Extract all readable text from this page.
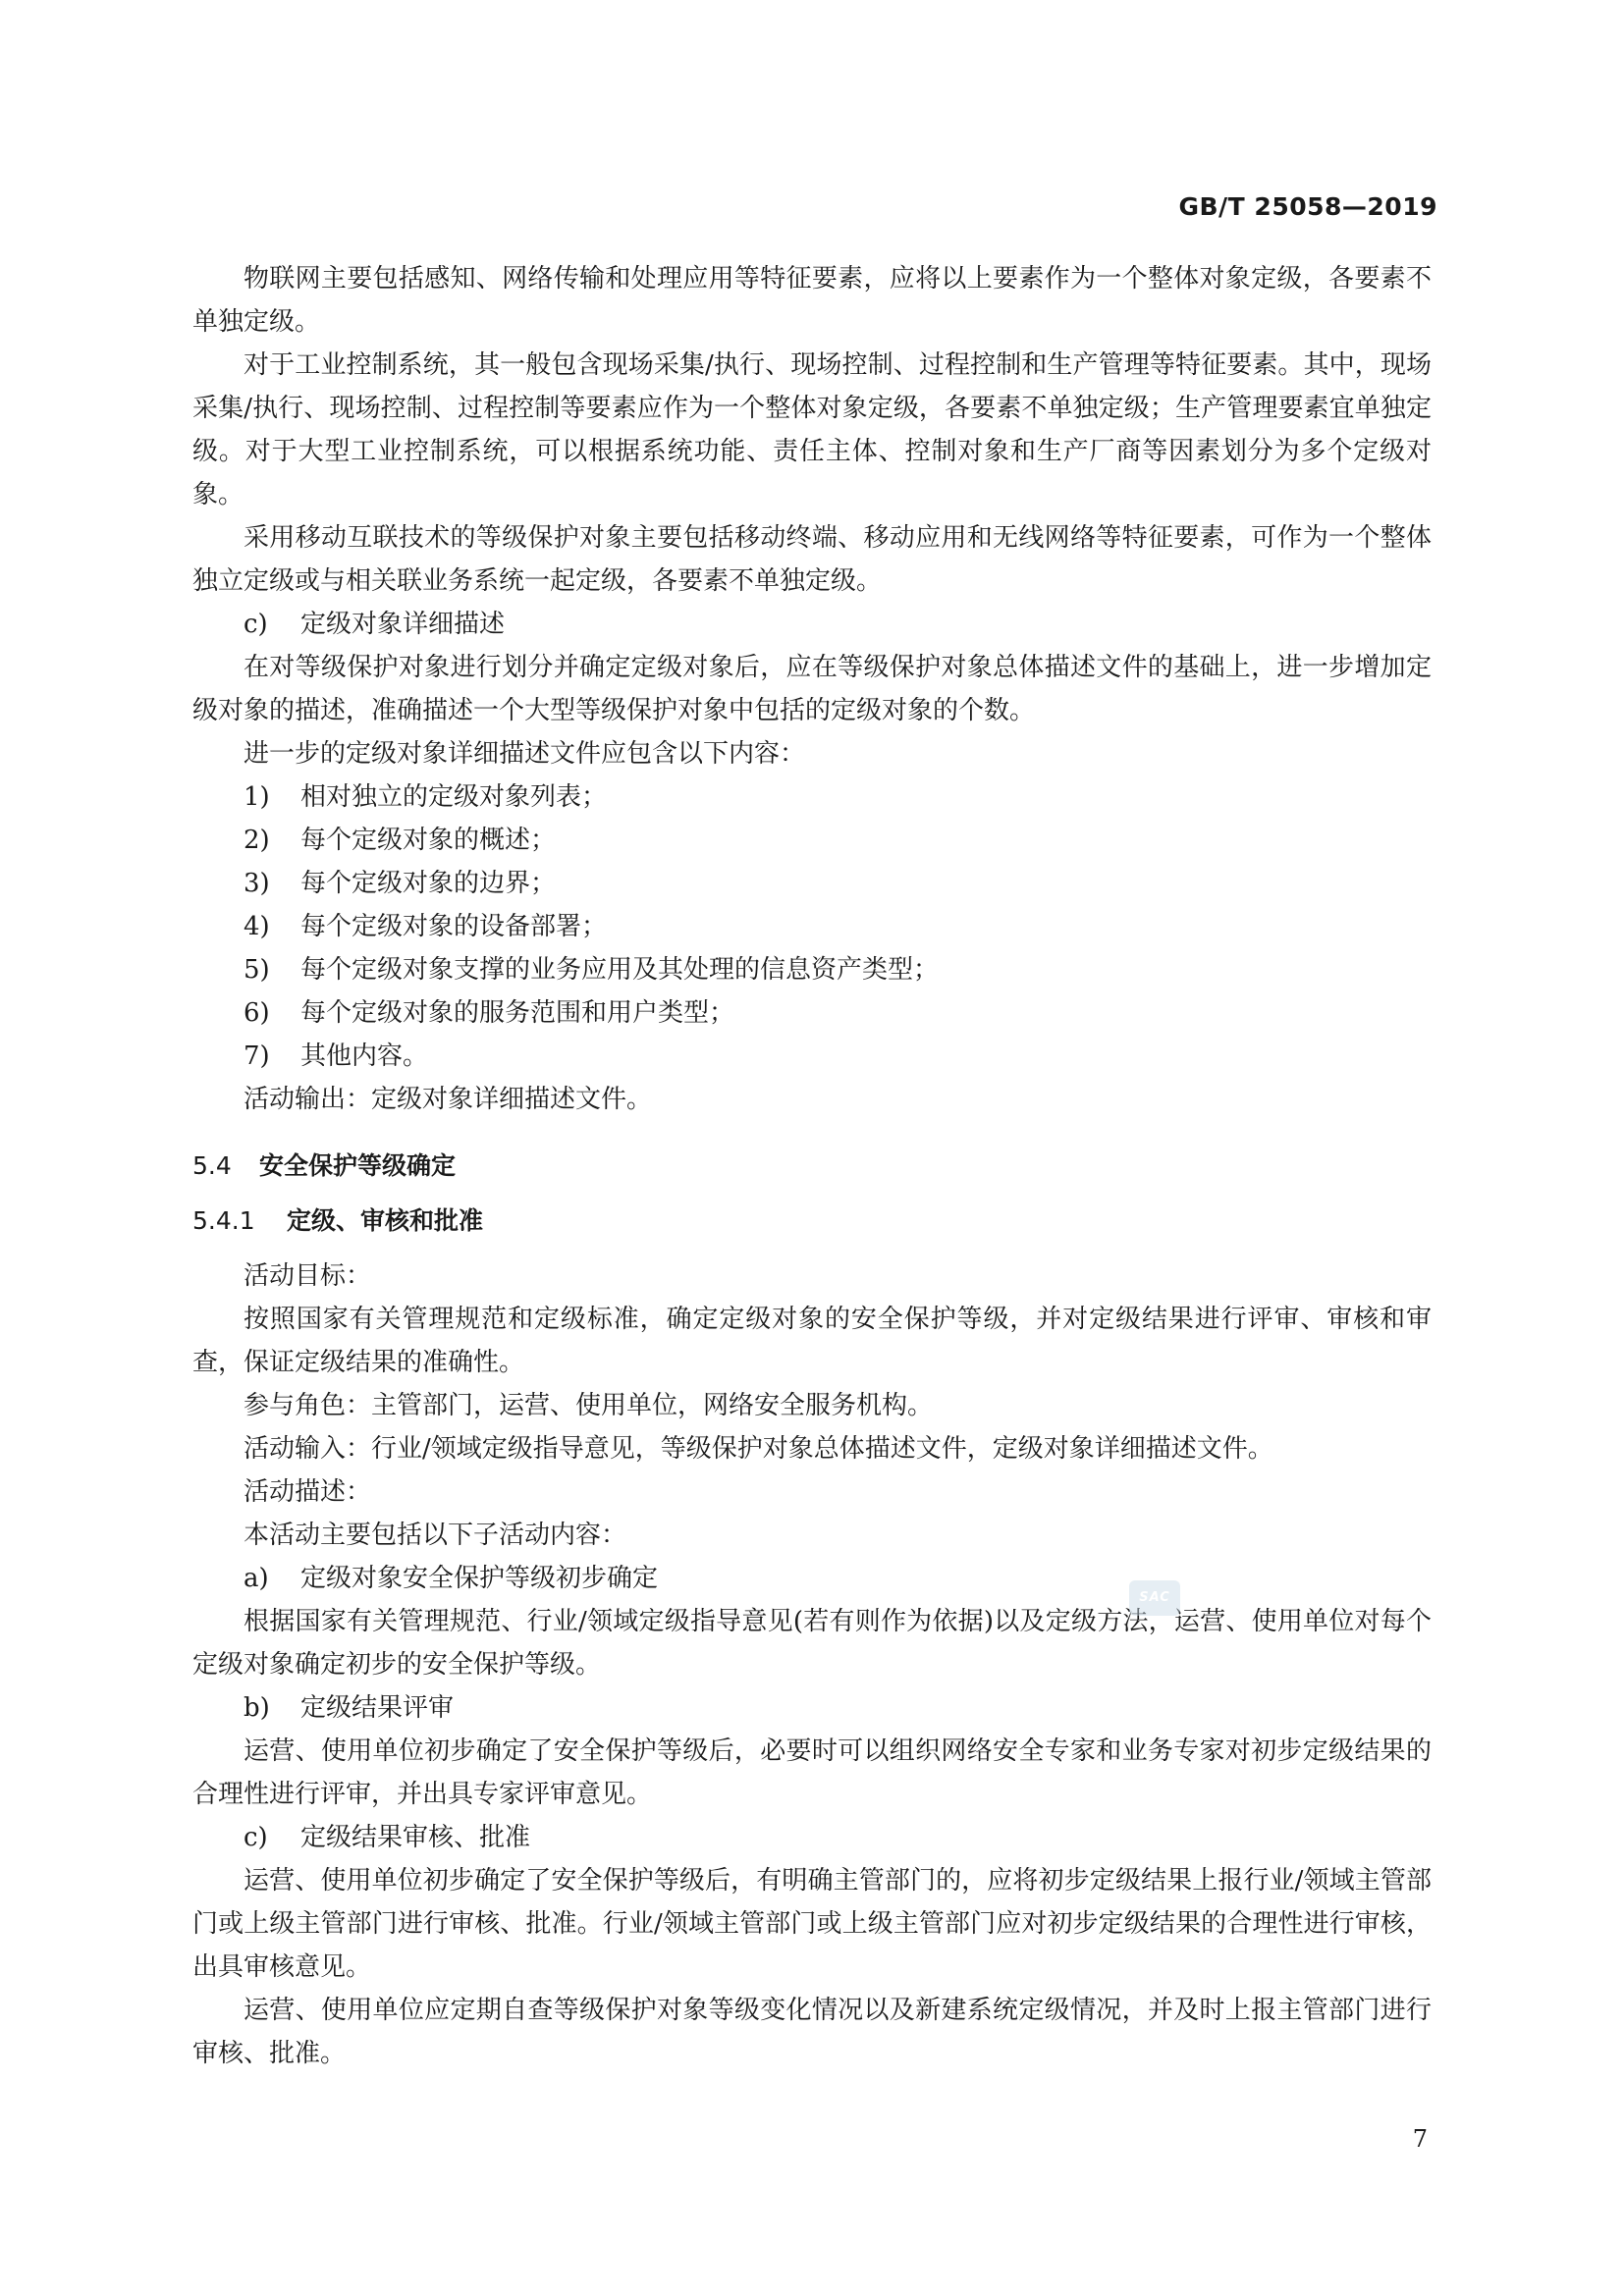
GB/T 25058—2019

物联网主要包括感知、网络传输和处理应用等特征要素，应将以上要素作为一个整体对象定级，各要素不单独定级。

对于工业控制系统，其一般包含现场采集/执行、现场控制、过程控制和生产管理等特征要素。其中，现场采集/执行、现场控制、过程控制等要素应作为一个整体对象定级，各要素不单独定级；生产管理要素宜单独定级。对于大型工业控制系统，可以根据系统功能、责任主体、控制对象和生产厂商等因素划分为多个定级对象。

采用移动互联技术的等级保护对象主要包括移动终端、移动应用和无线网络等特征要素，可作为一个整体独立定级或与相关联业务系统一起定级，各要素不单独定级。

c) 定级对象详细描述

在对等级保护对象进行划分并确定定级对象后，应在等级保护对象总体描述文件的基础上，进一步增加定级对象的描述，准确描述一个大型等级保护对象中包括的定级对象的个数。

进一步的定级对象详细描述文件应包含以下内容：

1) 相对独立的定级对象列表；

2) 每个定级对象的概述；

3) 每个定级对象的边界；

4) 每个定级对象的设备部署；

5) 每个定级对象支撑的业务应用及其处理的信息资产类型；

6) 每个定级对象的服务范围和用户类型；

7) 其他内容。

活动输出：定级对象详细描述文件。

5.4 安全保护等级确定
5.4.1 定级、审核和批准

活动目标：

按照国家有关管理规范和定级标准，确定定级对象的安全保护等级，并对定级结果进行评审、审核和审查，保证定级结果的准确性。

参与角色：主管部门，运营、使用单位，网络安全服务机构。

活动输入：行业/领域定级指导意见，等级保护对象总体描述文件，定级对象详细描述文件。

活动描述：

本活动主要包括以下子活动内容：

a) 定级对象安全保护等级初步确定

根据国家有关管理规范、行业/领域定级指导意见(若有则作为依据)以及定级方法，运营、使用单位对每个定级对象确定初步的安全保护等级。

b) 定级结果评审

运营、使用单位初步确定了安全保护等级后，必要时可以组织网络安全专家和业务专家对初步定级结果的合理性进行评审，并出具专家评审意见。

c) 定级结果审核、批准

运营、使用单位初步确定了安全保护等级后，有明确主管部门的，应将初步定级结果上报行业/领域主管部门或上级主管部门进行审核、批准。行业/领域主管部门或上级主管部门应对初步定级结果的合理性进行审核，出具审核意见。

运营、使用单位应定期自查等级保护对象等级变化情况以及新建系统定级情况，并及时上报主管部门进行审核、批准。

SAC
7
